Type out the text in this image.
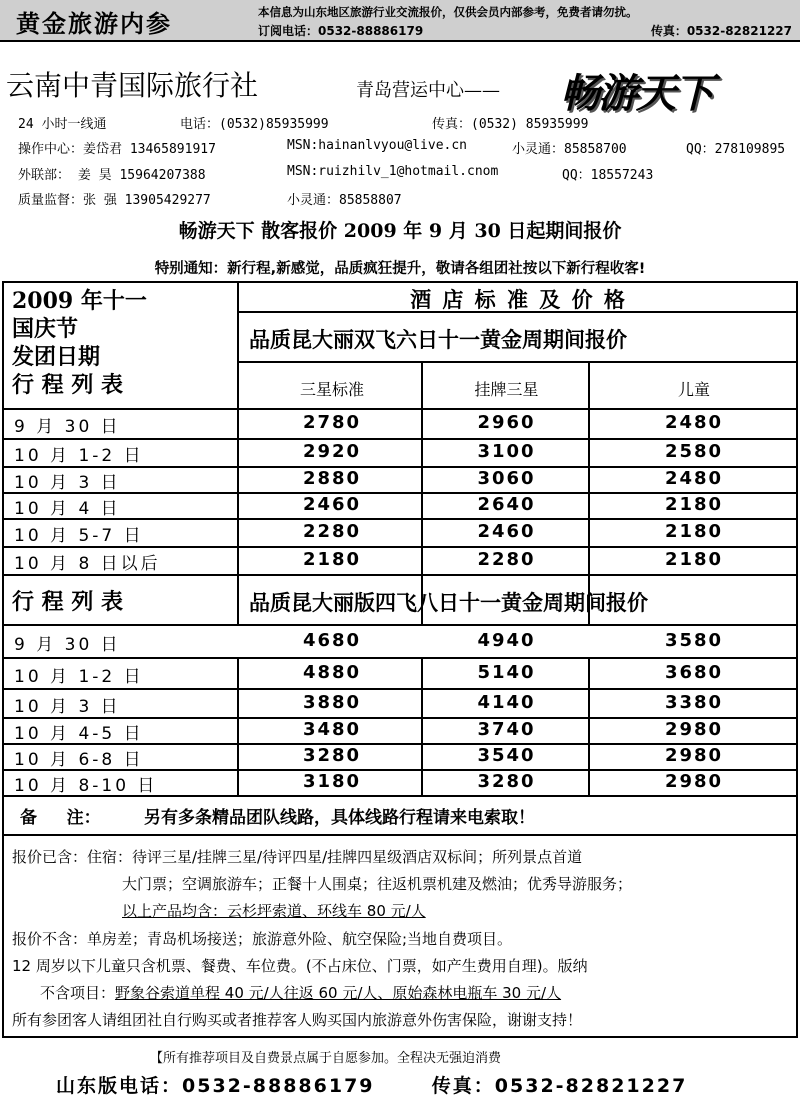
黄金旅游内参	本信息为山东地区旅游行业交流报价，仅供会员内部参考，免费者请勿扰。
订阅电话：0532-88886179	传真：0532-82821227
云南中青国际旅行社	青岛营运中心—— 畅游天下
24 小时一线通	电话：(0532)85935999	传真：(0532) 85935999
操作中心：姜岱君 13465891917	MSN:hainanlvyou@live.cn	小灵通：85858700	QQ：278109895
外联部： 姜 昊 15964207388	MSN:ruizhilv_1@hotmail.cnom	QQ：18557243
质量监督：张 强 13905429277	小灵通：85858807
畅游天下 散客报价 2009 年 9 月 30 日起期间报价
特别通知：新行程,新感觉，品质疯狂提升，敬请各组团社按以下新行程收客!
2009 年十一
国庆节
发团日期
行 程 列 表
酒 店 标 准 及 价 格
品质昆大丽双飞六日十一黄金周期间报价
三星标准	挂牌三星	儿童
9 月 30 日	2780	2960	2480
10 月 1-2 日	2920	3100	2580
10 月 3 日	2880	3060	2480
10 月 4 日	2460	2640	2180
10 月 5-7 日	2280	2460	2180
10 月 8 日以后	2180	2280	2180
行 程 列 表	品质昆大丽版四飞八日十一黄金周期间报价
9 月 30 日	4680	4940	3580
10 月 1-2 日	4880	5140	3680
10 月 3 日	3880	4140	3380
10 月 4-5 日	3480	3740	2980
10 月 6-8 日	3280	3540	2980
10 月 8-10 日	3180	3280	2980
备     注：	另有多条精品团队线路，具体线路行程请来电索取！
报价已含：住宿：待评三星/挂牌三星/待评四星/挂牌四星级酒店双标间；所列景点首道
大门票；空调旅游车；正餐十人围桌；往返机票机建及燃油；优秀导游服务；
以上产品均含：云杉坪索道、环线车 80 元/人
报价不含：单房差；青岛机场接送；旅游意外险、航空保险;当地自费项目。
12 周岁以下儿童只含机票、餐费、车位费。(不占床位、门票，如产生费用自理)。版纳
不含项目：野象谷索道单程 40 元/人往返 60 元/人、原始森林电瓶车 30 元/人
所有参团客人请组团社自行购买或者推荐客人购买国内旅游意外伤害保险，谢谢支持！
【所有推荐项目及自费景点属于自愿参加。全程决无强迫消费
山东版电话：0532-88886179	传真：0532-82821227
